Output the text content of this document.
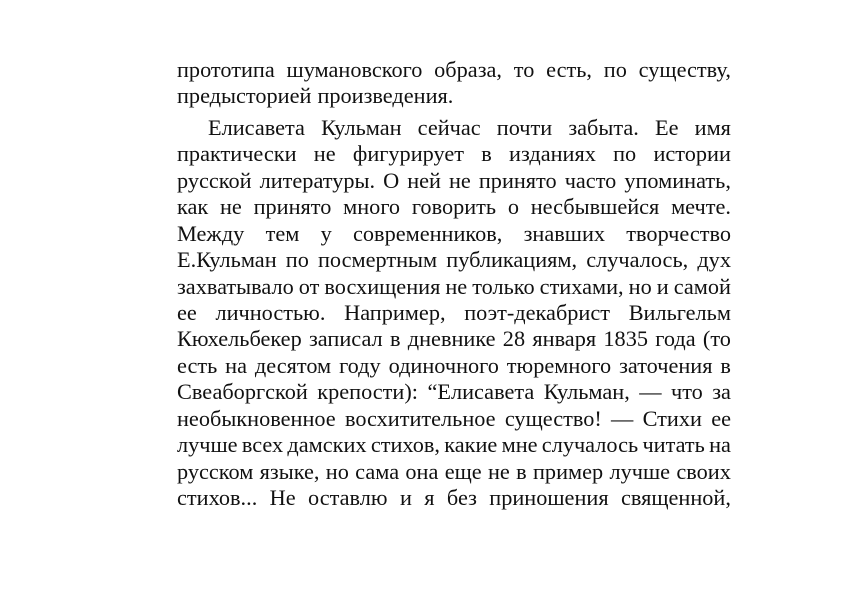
прототипа шумановского образа, то есть, по существу,
предысторией произведения.
Елисавета Кульман сейчас почти забыта. Ее имя
практически не фигурирует в изданиях по истории
русской литературы. О ней не принято часто упоминать,
как не принято много говорить о несбывшейся мечте.
Между тем у современников, знавших творчество
Е.Кульман по посмертным публикациям, случалось, дух
захватывало от восхищения не только стихами, но и самой
ее личностью. Например, поэт-декабрист Вильгельм
Кюхельбекер записал в дневнике 28 января 1835 года (то
есть на десятом году одиночного тюремного заточения в
Свеаборгской крепости): “Елисавета Кульман, — что за
необыкновенное восхитительное существо! — Стихи ее
лучше всех дамских стихов, какие мне случалось читать на
русском языке, но сама она еще не в пример лучше своих
стихов... Не оставлю и я без приношения священной,
